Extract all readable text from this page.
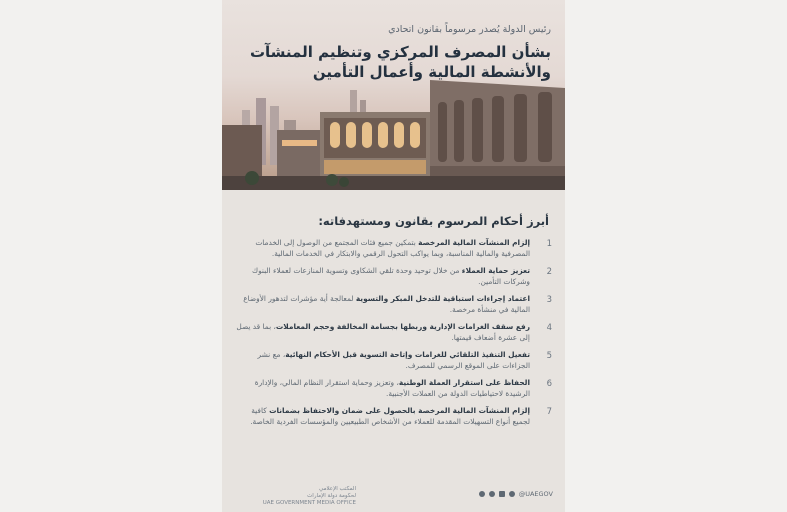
رئيس الدولة يُصدر مرسوماً بقانون اتحادي
بشأن المصرف المركزي وتنظيم المنشآت
والأنشطة المالية وأعمال التأمين
أبرز أحكام المرسوم بقانون ومستهدفاته:
1
إلزام المنشآت المالية المرخصة بتمكين جميع فئات المجتمع من الوصول إلى الخدمات المصرفية والمالية المناسبة، وبما يواكب التحول الرقمي والابتكار في الخدمات المالية.
2
تعزيز حماية العملاء من خلال توحيد وحدة تلقي الشكاوى وتسوية المنازعات لعملاء البنوك وشركات التأمين.
3
اعتماد إجراءات استباقية للتدخل المبكر والتسوية لمعالجة أية مؤشرات لتدهور الأوضاع المالية في منشأة مرخصة.
4
رفع سقف الغرامات الإدارية وربطها بجسامة المخالفة وحجم المعاملات، بما قد يصل إلى عشرة أضعاف قيمتها.
5
تفعيل التنفيذ التلقائي للغرامات وإتاحة التسوية قبل الأحكام النهائية، مع نشر الجزاءات على الموقع الرسمي للمصرف.
6
الحفاظ على استقرار العملة الوطنية، وتعزيز وحماية استقرار النظام المالي، والإدارة الرشيدة لاحتياطيات الدولة من العملات الأجنبية.
7
إلزام المنشآت المالية المرخصة بالحصول على ضمان والاحتفاظ بضمانات كافية لجميع أنواع التسهيلات المقدمة للعملاء من الأشخاص الطبيعيين والمؤسسات الفردية الخاصة.
المكتب الإعلامي
لحكومة دولة الإمارات
UAE GOVERNMENT MEDIA OFFICE
@UAEGOV
